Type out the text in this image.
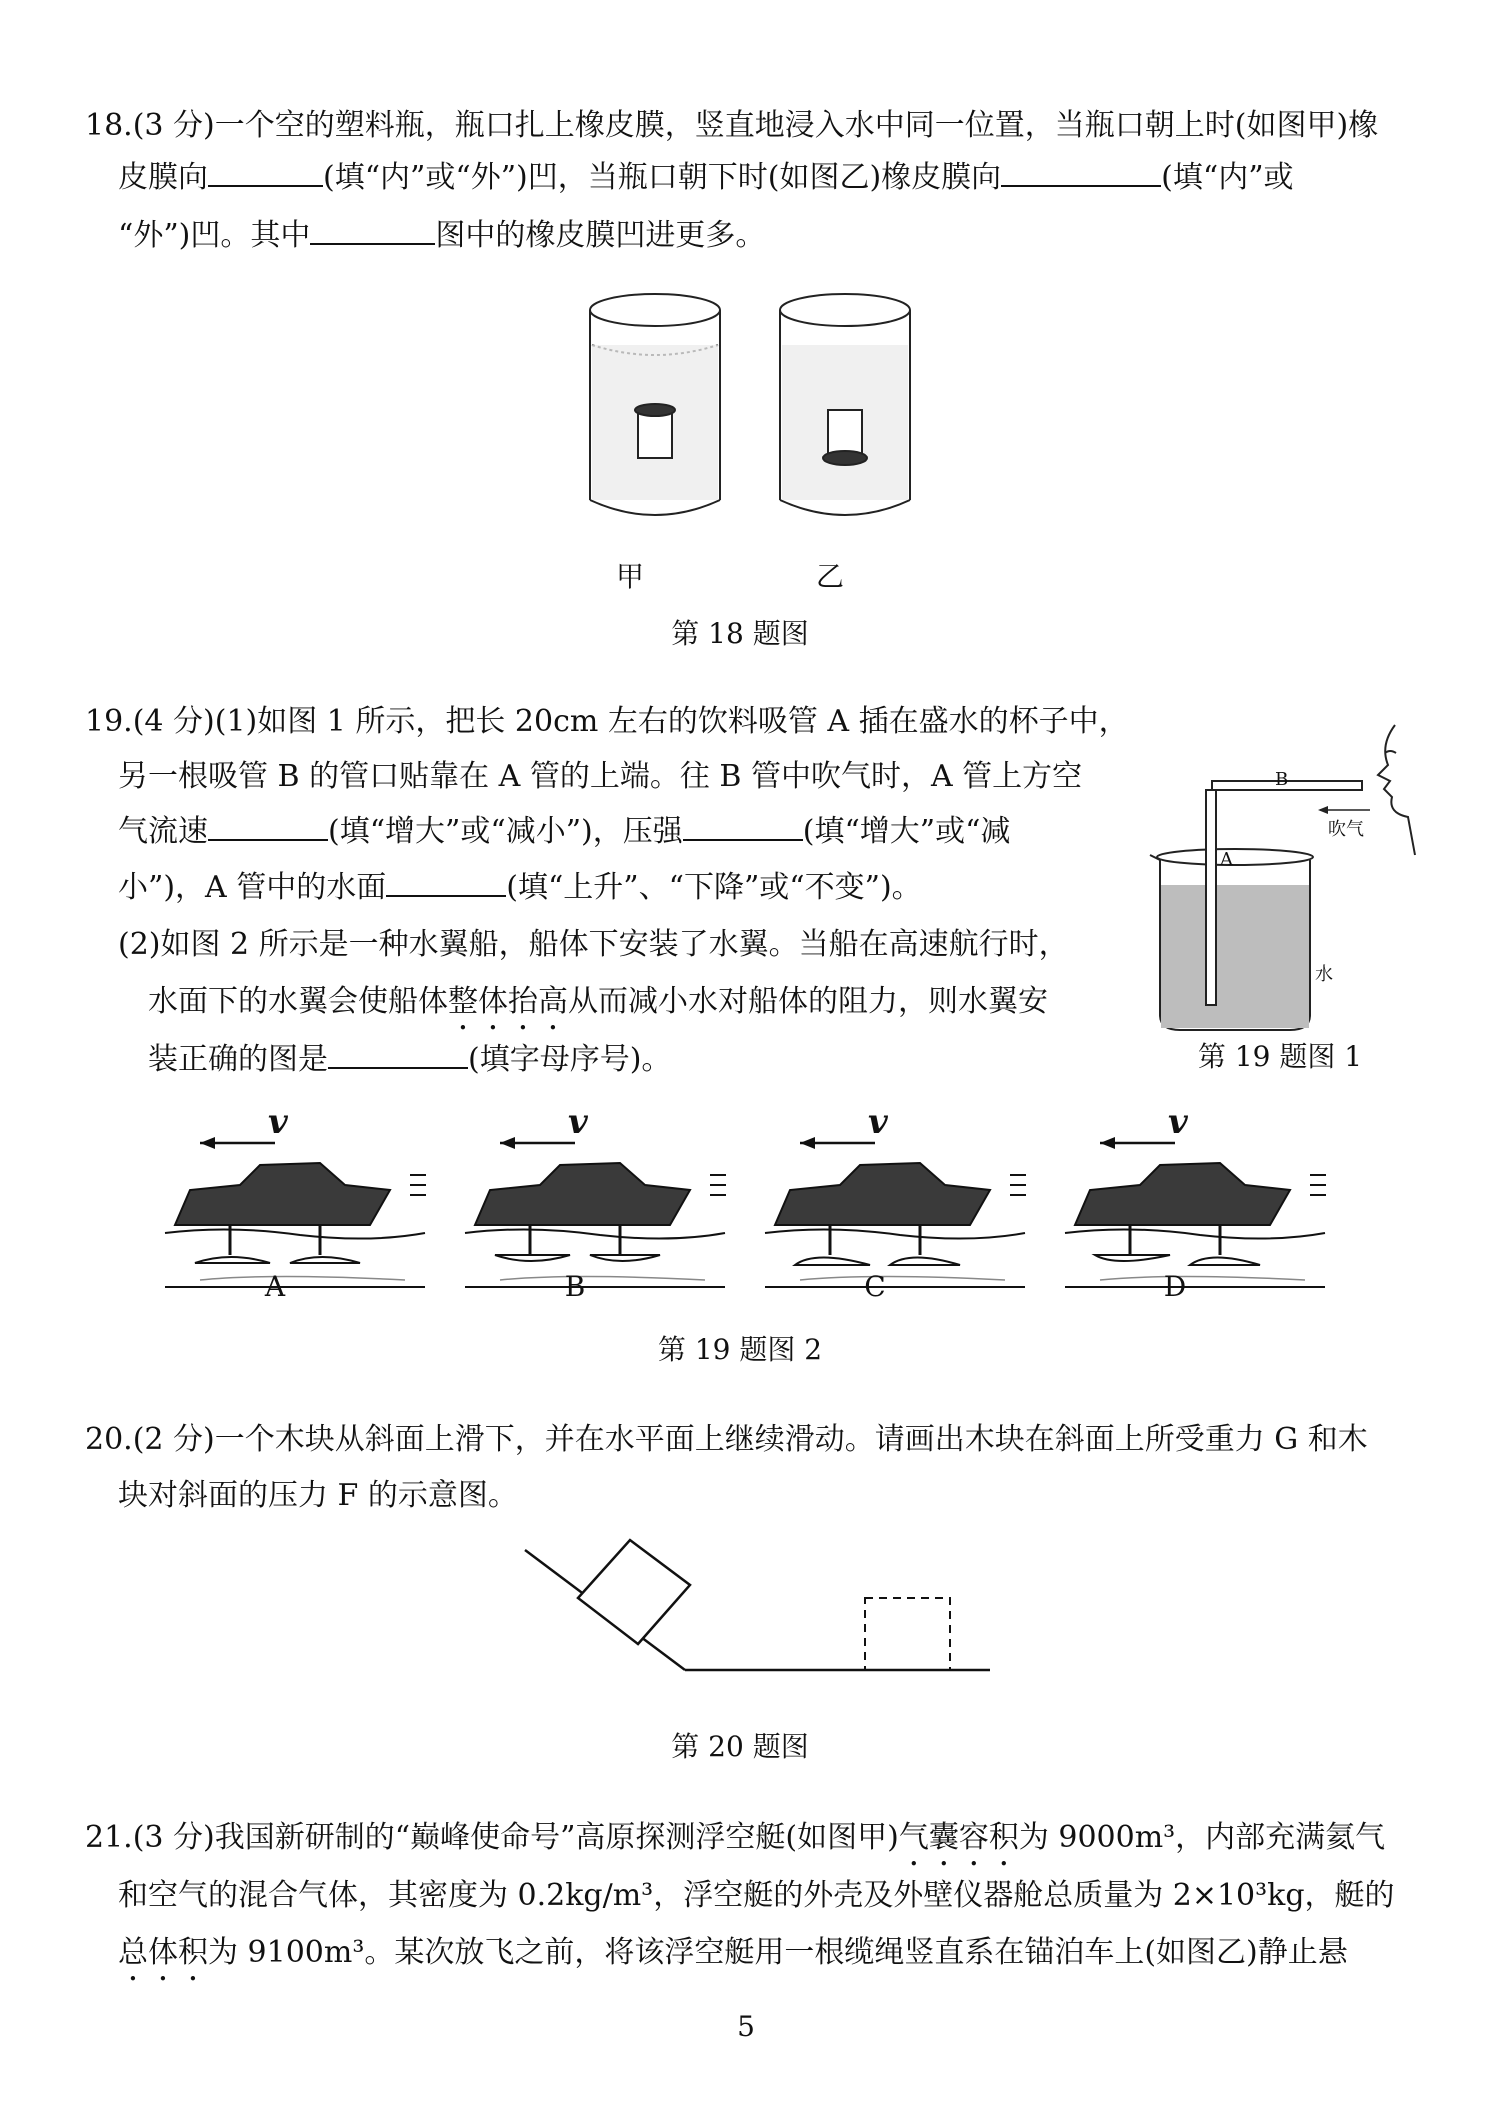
18.(3 分)一个空的塑料瓶，瓶口扎上橡皮膜，竖直地浸入水中同一位置，当瓶口朝上时(如图甲)橡
皮膜向	(填“内”或“外”)凹，当瓶口朝下时(如图乙)橡皮膜向	(填“内”或
“外”)凹。其中	图中的橡皮膜凹进更多。
甲	乙
第 18 题图
19.(4 分)(1)如图 1 所示，把长 20cm 左右的饮料吸管 A 插在盛水的杯子中，
另一根吸管 B 的管口贴靠在 A 管的上端。往 B 管中吹气时，A 管上方空
气流速	(填“增大”或“减小”)，压强	(填“增大”或“减
小”)，A 管中的水面	(填“上升”、“下降”或“不变”)。
(2)如图 2 所示是一种水翼船，船体下安装了水翼。当船在高速航行时，
水面下的水翼会使船体整体抬高从而减小水对船体的阻力，则水翼安
装正确的图是	(填字母序号)。
B
A
吹气
水
第 19 题图 1
v	v	v	v
A	B	C	D
第 19 题图 2
20.(2 分)一个木块从斜面上滑下，并在水平面上继续滑动。请画出木块在斜面上所受重力 G 和木
块对斜面的压力 F 的示意图。
第 20 题图
21.(3 分)我国新研制的“巅峰使命号”高原探测浮空艇(如图甲)气囊容积为 9000m³，内部充满氦气
和空气的混合气体，其密度为 0.2kg/m³，浮空艇的外壳及外壁仪器舱总质量为 2×10³kg，艇的
总体积为 9100m³。某次放飞之前，将该浮空艇用一根缆绳竖直系在锚泊车上(如图乙)静止悬
5
